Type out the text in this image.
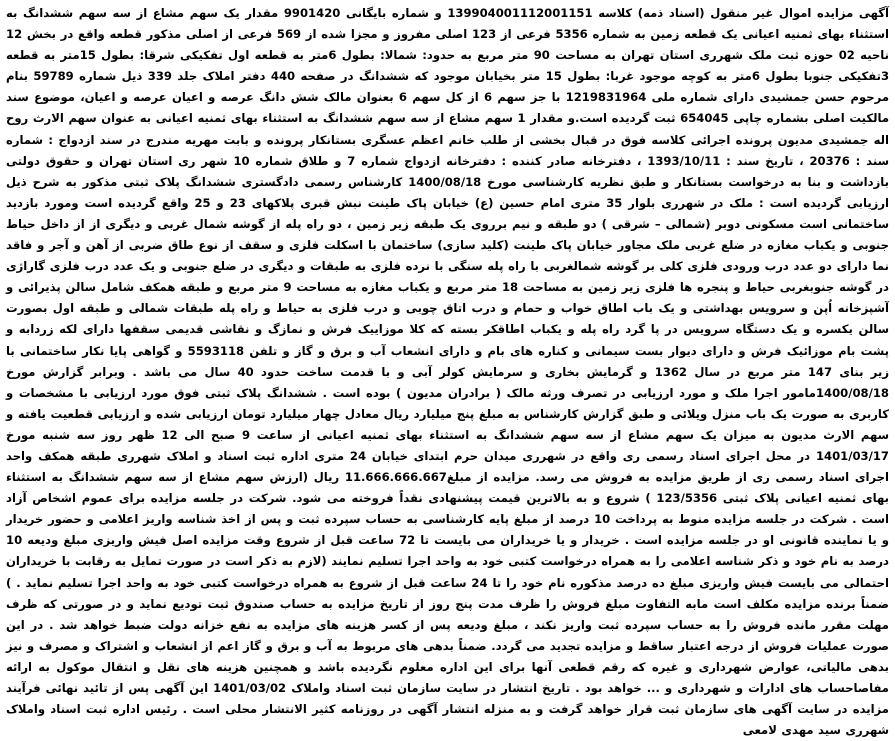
آگهی مزایده اموال غیر منقول (اسناد ذمه) کلاسه 139904001112001151 و شماره بایگانی 9901420 مقدار یک سهم مشاع از سه سهم ششدانگ به استثناء بهای ثمنیه اعیانی یک قطعه زمین به شماره 5356 فرعی از 123 اصلی مفروز و مجزا شده از 569 فرعی از اصلی مذکور قطعه واقع در بخش 12 ناحیه 02 حوزه ثبت ملک شهرری استان تهران به مساحت 90 متر مربع به حدود: شمالا: بطول 6متر به قطعه اول تفکیکی شرقا: بطول 15متر به قطعه 3تفکیکی جنوبا بطول 6متر به کوچه موجود غربا: بطول 15 متر بخیابان موجود که ششدانگ در صفحه 440 دفتر املاک جلد 339 ذیل شماره 59789 بنام مرحوم حسن جمشیدی دارای شماره ملی 1219831964 با جز سهم 6 از کل سهم 6 بعنوان مالک شش دانگ عرصه و اعیان عرصه و اعیان، موضوع سند مالکیت اصلی بشماره چاپی 654045 ثبت گردیده است.و مقدار 1 سهم مشاع از سه سهم ششدانگ به استثناء بهای ثمنیه اعیانی به عنوان سهم الارث روح اله جمشیدی مدیون پرونده اجرائی کلاسه فوق در قبال بخشی از طلب خانم اعظم عسگری بستانکار پرونده و بابت مهریه مندرج در سند ازدواج : شماره سند : 20376 ، تاریخ سند : 1393/10/11 ، دفترخانه صادر کننده : دفترخانه ازدواج شماره 7 و طلاق شماره 10 شهر ری استان تهران و حقوق دولتی بازداشت و بنا به درخواست بستانکار و طبق نظریه کارشناسی مورخ 1400/08/18 کارشناس رسمی دادگستری ششدانگ پلاک ثبتی مذکور به شرح ذیل ارزیابی گردیده است : ملک در شهرری بلوار 35 متری امام حسین (ع) خیابان پاک طینت نبش قبری پلاکهای 23 و 25 واقع گردیده است ومورد بازدید ساختمانی است مسکونی دوبر (شمالی – شرقی ) دو طبقه و نیم برروی یک طبقه زیر زمین ، دو راه پله از گوشه شمال غربی و دیگری از از داخل حیاط جنوبی و یکباب مغازه در ضلع غربی ملک مجاور خیابان پاک طینت (کلید سازی) ساختمان با اسکلت فلزی و سقف از نوع طاق ضربی از آهن و آجر و فاقد نما دارای دو عدد درب ورودی فلزی کلی بر گوشه شمالغربی با راه پله سنگی با نرده فلزی به طبقات و دیگری در ضلع جنوبی و یک عدد درب فلزی گاراژی در گوشه جنوبغربی حیاط و پنجره ها فلزی زیر زمین به مساحت 18 متر مربع و یکباب مغازه به مساحت 9 متر مربع و طبقه همکف شامل سالن پذیرائی و آشپزخانه اُپن و سرویس بهداشتی و یک باب اطاق خواب و حمام و درب اتاق چوبی و درب فلزی به حیاط و راه پله طبقات شمالی و طبقه اول بصورت سالن یکسره و یک دستگاه سرویس در پا گرد راه پله و یکباب اطاقکر بسته که کلا موزاییک فرش و نمازگ و نقاشی قدیمی سقفها دارای لکه زردابه و پشت بام موزائیک فرش و دارای دیوار بست سیمانی و کناره های بام و دارای انشعاب آب و برق و گاز و تلفن 5593118 و گواهی پایا نکار ساختمانی با زیر بنای 147 متر مربع در سال 1362 و گرمایش بخاری و سرمایش کولر آبی و با قدمت ساخت حدود 40 سال می باشد . وبرابر گزارش مورخ 1400/08/18مامور اجرا ملک و مورد ارزیابی در تصرف ورثه مالک ( برادران مدیون ) بوده است . ششدانگ پلاک ثبتی فوق مورد ارزیابی با مشخصات و کاربری به صورت یک باب منزل ویلائی و طبق گزارش کارشناس به مبلغ پنج میلیارد ریال معادل چهار میلیارد تومان ارزیابی شده و ارزیابی قطعیت یافته و سهم الارث مدیون به میزان یک سهم مشاع از سه سهم ششدانگ به استثناء بهای ثمنیه اعیانی از ساعت 9 صبح الی 12 ظهر روز سه شنبه مورخ 1401/03/17 در محل اجرای اسناد رسمی ری واقع در شهرری میدان حرم ابتدای خیابان 24 متری اداره ثبت اسناد و املاک شهرری طبقه همکف واحد اجرای اسناد رسمی ری از طریق مزایده به فروش می رسد. مزایده از مبلغ11.666.666.667 ریال (ارزش سهم مشاع از سه سهم ششدانگ به استثناء بهای ثمنیه اعیانی پلاک ثبتی 123/5356 ) شروع و به بالاترین قیمت پیشنهادی نقداً فروخته می شود. شرکت در جلسه مزایده برای عموم اشخاص آزاد است . شرکت در جلسه مزایده منوط به پرداخت 10 درصد از مبلغ پایه کارشناسی به حساب سپرده ثبت و پس از اخذ شناسه واریز اعلامی و حضور خریدار و یا نماینده قانونی او در جلسه مزایده است . خریدار و یا خریداران می بایست تا 72 ساعت قبل از شروع وقت مزایده اصل فیش واریزی مبلغ ودیعه 10 درصد به نام خود و ذکر شناسه اعلامی را به همراه درخواست کتبی خود به واحد اجرا تسلیم نمایند (لازم به ذکر است در صورت تمایل به رقابت با خریداران احتمالی می بایست فیش واریزی مبلغ ده درصد مذکوره نام خود را تا 24 ساعت قبل از شروع به همراه درخواست کتبی خود به واحد اجرا تسلیم نماید . ) ضمناً برنده مزایده مکلف است مابه التفاوت مبلغ فروش را ظرف مدت پنج روز از تاریخ مزایده به حساب صندوق ثبت تودیع نماید و در صورتی که ظرف مهلت مقرر مانده فروش را به حساب سپرده ثبت واریز نکند ، مبلغ ودیعه پس از کسر هزینه های مزایده به نفع خزانه دولت ضبط خواهد شد . در این صورت عملیات فروش از درجه اعتبار ساقط و مزایده تجدید می گردد. ضمناً بدهی های مربوط به آب و برق و گاز اعم از انشعاب و اشتراک و مصرف و نیز بدهی مالیاتی، عوارض شهرداری و غیره که رقم قطعی آنها برای این اداره معلوم نگردیده باشد و همچنین هزینه های نقل و انتقال موکول به ارائه مفاصاحساب های ادارات و شهرداری و ... خواهد بود . تاریخ انتشار در سایت سازمان ثبت اسناد واملاک 1401/03/02 این آگهی پس از تائید نهائی فرآیند مزایده در سایت آگهی های سازمان ثبت قرار خواهد گرفت و به منزله انتشار آگهی در روزنامه کثیر الانتشار محلی است . رئیس اداره ثبت اسناد واملاک شهرری سید مهدی لامعی
